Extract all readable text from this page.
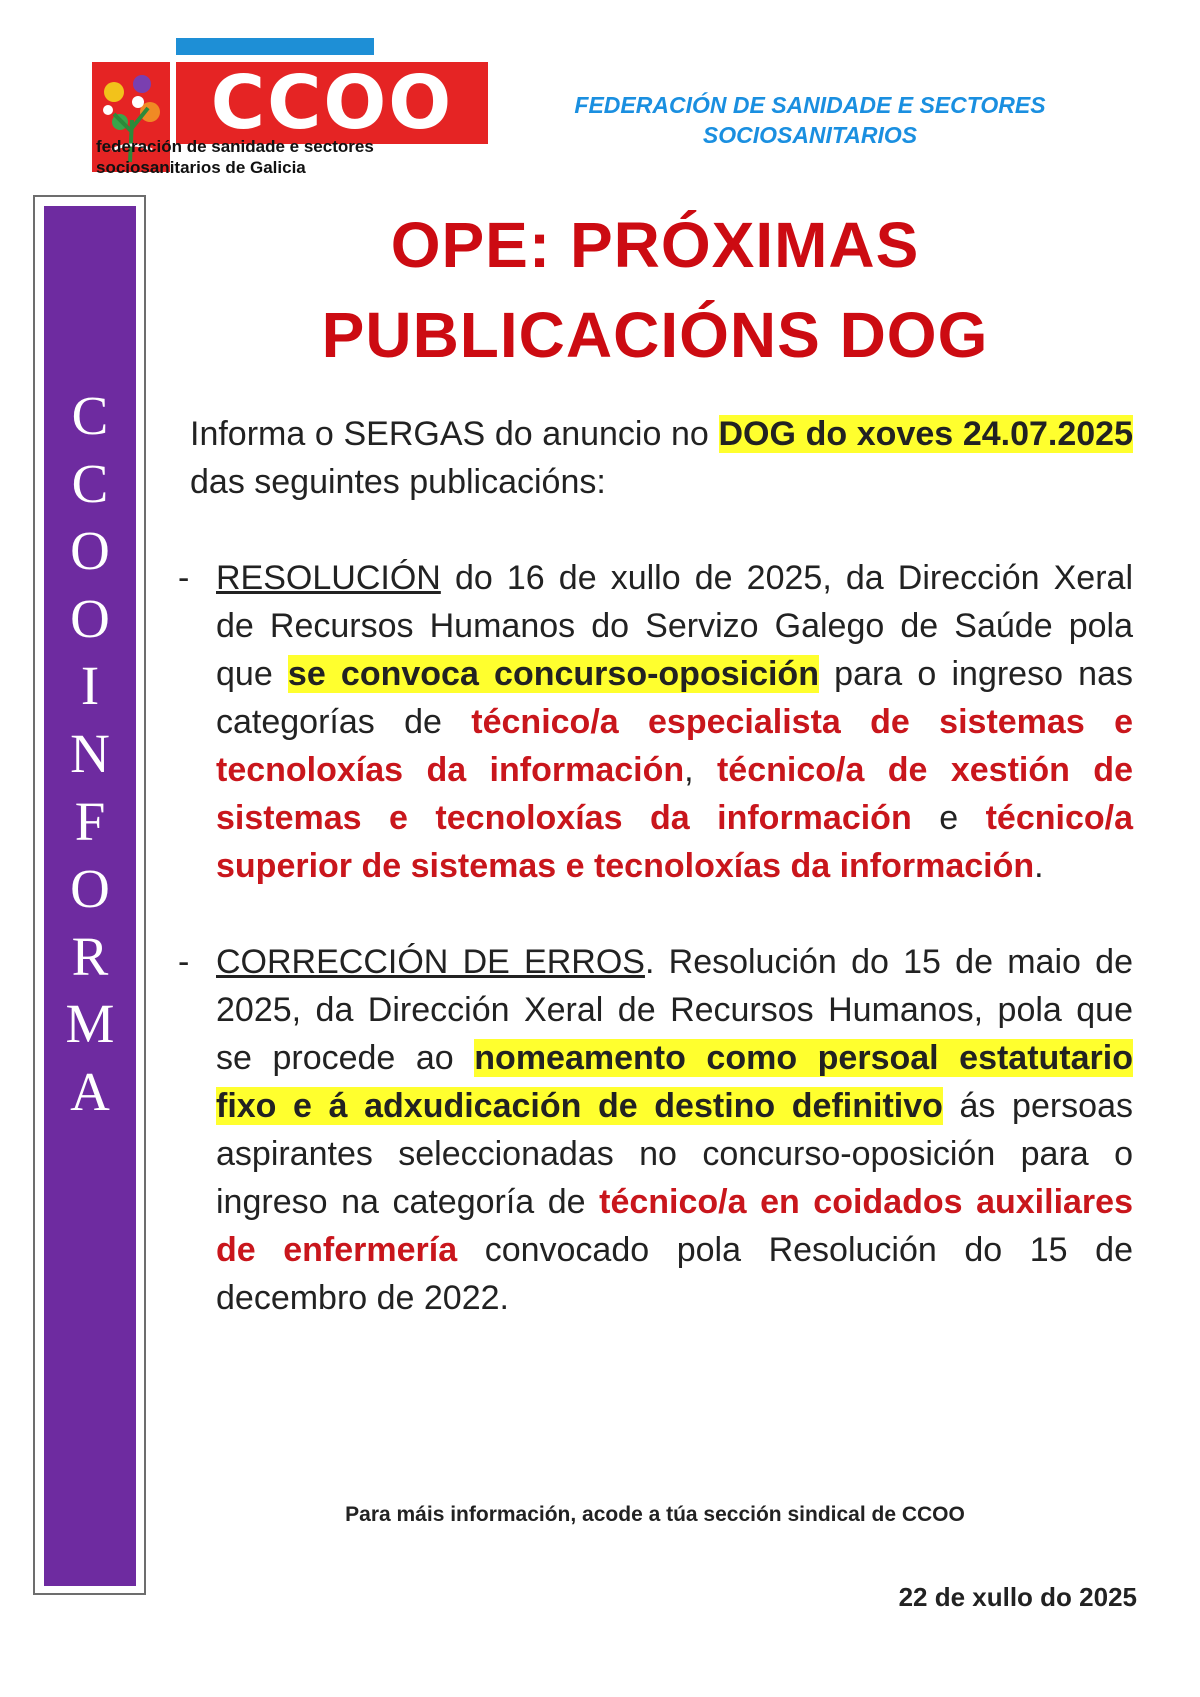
CCOO
federación de sanidade e sectores
sociosanitarios de Galicia
FEDERACIÓN DE SANIDADE E SECTORES
SOCIOSANITARIOS
C
C
O
O
I
N
F
O
R
M
A
OPE: PRÓXIMAS
PUBLICACIÓNS DOG

Informa o SERGAS do anuncio no DOG do xoves 24.07.2025 das seguintes publicacións:

- RESOLUCIÓN do 16 de xullo de 2025, da Dirección Xeral de Recursos Humanos do Servizo Galego de Saúde pola que se convoca concurso-oposición para o ingreso nas categorías de técnico/a especialista de sistemas e tecnoloxías da información, técnico/a de xestión de sistemas e tecnoloxías da información e técnico/a superior de sistemas e tecnoloxías da información.

- CORRECCIÓN DE ERROS. Resolución do 15 de maio de 2025, da Dirección Xeral de Recursos Humanos, pola que se procede ao nomeamento como persoal estatutario fixo e á adxudicación de destino definitivo ás persoas aspirantes seleccionadas no concurso-oposición para o ingreso na categoría de técnico/a en coidados auxiliares de enfermería convocado pola Resolución do 15 de decembro de 2022.

Para máis información, acode a túa sección sindical de CCOO
22 de xullo do 2025
